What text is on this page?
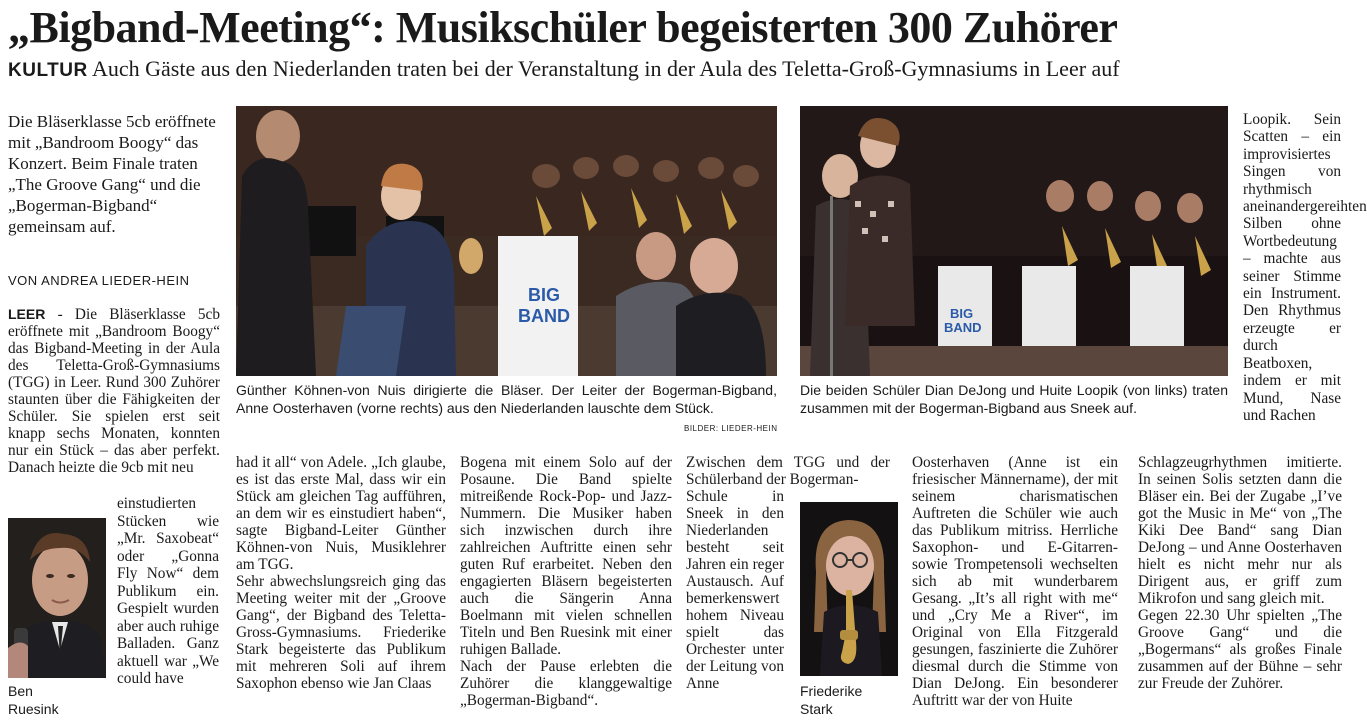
„Bigband-Meeting“: Musikschüler begeisterten 300 Zuhörer
KULTUR Auch Gäste aus den Niederlanden traten bei der Veranstaltung in der Aula des Teletta-Groß-Gymnasiums in Leer auf
Die Bläserklasse 5cb eröffnete mit „Bandroom Boogy“ das Konzert. Beim Finale traten „The Groove Gang“ und die „Bogerman-Bigband“ gemeinsam auf.
VON ANDREA LIEDER-HEIN
LEER - Die Bläserklasse 5cb eröffnete mit „Bandroom Boogy“ das Bigband-Meeting in der Aula des Teletta-Groß-Gymnasiums (TGG) in Leer. Rund 300 Zuhörer staunten über die Fähigkeiten der Schüler. Sie spielen erst seit knapp sechs Monaten, konnten nur ein Stück – das aber perfekt. Danach heizte die 9cb mit neu
einstudierten Stücken wie „Mr. Saxobeat“ oder „Gonna Fly Now“ dem Publikum ein. Gespielt wurden aber auch ruhige Balladen. Ganz aktuell war „We could have
Ben
Ruesink
BIG
BAND
Günther Köhnen-von Nuis dirigierte die Bläser. Der Leiter der Bogerman-Bigband, Anne Oosterhaven (vorne rechts) aus den Niederlanden lauschte dem Stück.
BILDER: LIEDER-HEIN
BIG
BAND
Die beiden Schüler Dian DeJong und Huite Loopik (von links) traten zusammen mit der Bogerman-Bigband aus Sneek auf.
had it all“ von Adele. „Ich glaube, es ist das erste Mal, dass wir ein Stück am gleichen Tag aufführen, an dem wir es einstudiert haben“, sagte Bigband-Leiter Günther Köhnen-von Nuis, Musiklehrer am TGG.
Sehr abwechslungsreich ging das Meeting weiter mit der „Groove Gang“, der Bigband des Teletta-Gross-Gymnasiums. Friederike Stark begeisterte das Publikum mit mehreren Soli auf ihrem Saxophon ebenso wie Jan Claas
Bogena mit einem Solo auf der Posaune. Die Band spielte mitreißende Rock-Pop- und Jazz-Nummern. Die Musiker haben sich inzwischen durch ihre zahlreichen Auftritte einen sehr guten Ruf erarbeitet. Neben den engagierten Bläsern begeisterten auch die Sängerin Anna Boelmann mit vielen schnellen Titeln und Ben Ruesink mit einer ruhigen Ballade.
Nach der Pause erlebten die Zuhörer die klanggewaltige „Bogerman-Bigband“.
Zwischen dem TGG und der Schülerband der Bogerman-
Schule in Sneek in den Niederlanden besteht seit Jahren ein reger Austausch. Auf bemerkenswert hohem Niveau spielt das Orchester unter der Leitung von Anne	Friederike
Stark
Oosterhaven (Anne ist ein friesischer Männername), der mit seinem charismatischen Auftreten die Schüler wie auch das Publikum mitriss. Herrliche Saxophon- und E-Gitarren- sowie Trompetensoli wechselten sich ab mit wunderbarem Gesang. „It’s all right with me“ und „Cry Me a River“, im Original von Ella Fitzgerald gesungen, faszinierte die Zuhörer diesmal durch die Stimme von Dian DeJong. Ein besonderer Auftritt war der von Huite
Loopik. Sein Scatten – ein improvisiertes Singen von rhythmisch aneinandergereihten Silben ohne Wortbedeutung – machte aus seiner Stimme ein Instrument. Den Rhythmus erzeugte er durch Beatboxen, indem er mit Mund, Nase und Rachen
Schlagzeugrhythmen imitierte. In seinen Solis setzten dann die Bläser ein. Bei der Zugabe „I’ve got the Music in Me“ von „The Kiki Dee Band“ sang Dian DeJong – und Anne Oosterhaven hielt es nicht mehr nur als Dirigent aus, er griff zum Mikrofon und sang gleich mit.
Gegen 22.30 Uhr spielten „The Groove Gang“ und die „Bogermans“ als großes Finale zusammen auf der Bühne – sehr zur Freude der Zuhörer.
